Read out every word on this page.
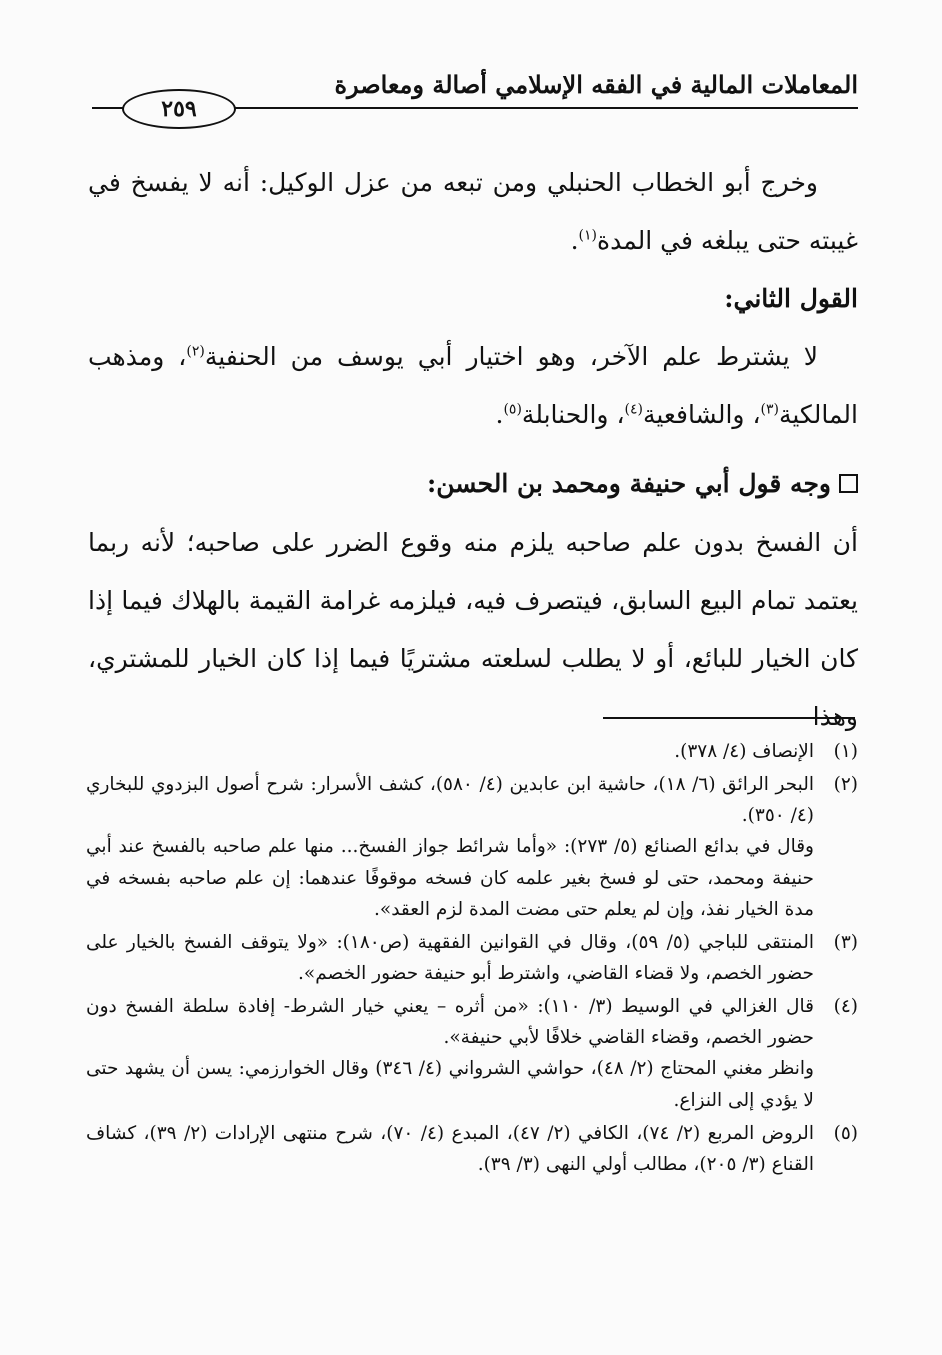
المعاملات المالية في الفقه الإسلامي أصالة ومعاصرة
٢٥٩

وخرج أبو الخطاب الحنبلي ومن تبعه من عزل الوكيل: أنه لا يفسخ في غيبته حتى يبلغه في المدة$^{(١)}$.

القول الثاني:

لا يشترط علم الآخر، وهو اختيار أبي يوسف من الحنفية$^{(٢)}$، ومذهب المالكية$^{(٣)}$، والشافعية$^{(٤)}$، والحنابلة$^{(٥)}$.

وجه قول أبي حنيفة ومحمد بن الحسن:

أن الفسخ بدون علم صاحبه يلزم منه وقوع الضرر على صاحبه؛ لأنه ربما يعتمد تمام البيع السابق، فيتصرف فيه، فيلزمه غرامة القيمة بالهلاك فيما إذا كان الخيار للبائع، أو لا يطلب لسلعته مشتريًا فيما إذا كان الخيار للمشتري، وهذا

(١)

الإنصاف (٤/ ٣٧٨).

(٢)

البحر الرائق (٦/ ١٨)، حاشية ابن عابدين (٤/ ٥٨٠)، كشف الأسرار: شرح أصول البزدوي للبخاري (٤/ ٣٥٠).

وقال في بدائع الصنائع (٥/ ٢٧٣): «وأما شرائط جواز الفسخ... منها علم صاحبه بالفسخ عند أبي حنيفة ومحمد، حتى لو فسخ بغير علمه كان فسخه موقوفًا عندهما: إن علم صاحبه بفسخه في مدة الخيار نفذ، وإن لم يعلم حتى مضت المدة لزم العقد».

(٣)

المنتقى للباجي (٥/ ٥٩)، وقال في القوانين الفقهية (ص١٨٠): «ولا يتوقف الفسخ بالخيار على حضور الخصم، ولا قضاء القاضي، واشترط أبو حنيفة حضور الخصم».

(٤)

قال الغزالي في الوسيط (٣/ ١١٠): «من أثره – يعني خيار الشرط- إفادة سلطة الفسخ دون حضور الخصم، وقضاء القاضي خلافًا لأبي حنيفة».

وانظر مغني المحتاج (٢/ ٤٨)، حواشي الشرواني (٤/ ٣٤٦) وقال الخوارزمي: يسن أن يشهد حتى لا يؤدي إلى النزاع.

(٥)

الروض المربع (٢/ ٧٤)، الكافي (٢/ ٤٧)، المبدع (٤/ ٧٠)، شرح منتهى الإرادات (٢/ ٣٩)، كشاف القناع (٣/ ٢٠٥)، مطالب أولي النهى (٣/ ٣٩).
